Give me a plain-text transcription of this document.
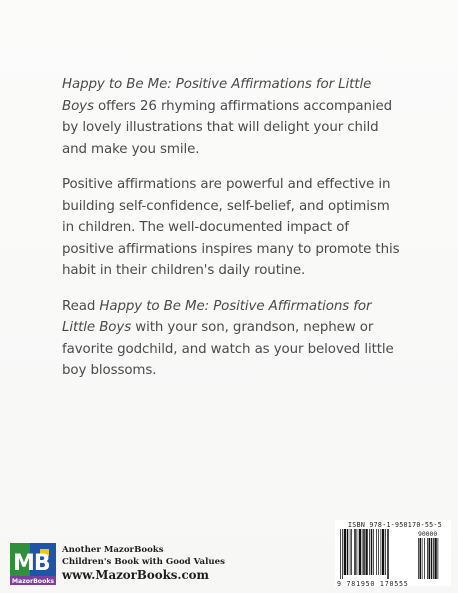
Happy to Be Me: Positive Affirmations for Little Boys offers 26 rhyming affirmations accompanied by lovely illustrations that will delight your child and make you smile.

Positive affirmations are powerful and effective in building self-confidence, self-belief, and optimism in children. The well-documented impact of positive affirmations inspires many to promote this habit in their children's daily routine.

Read Happy to Be Me: Positive Affirmations for Little Boys with your son, grandson, nephew or favorite godchild, and watch as your beloved little boy blossoms.

MB
MazorBooks
Another MazorBooks
Children's Book with Good Values
www.MazorBooks.com
ISBN 978-1-950170-55-5
90000
9 781950 170555
